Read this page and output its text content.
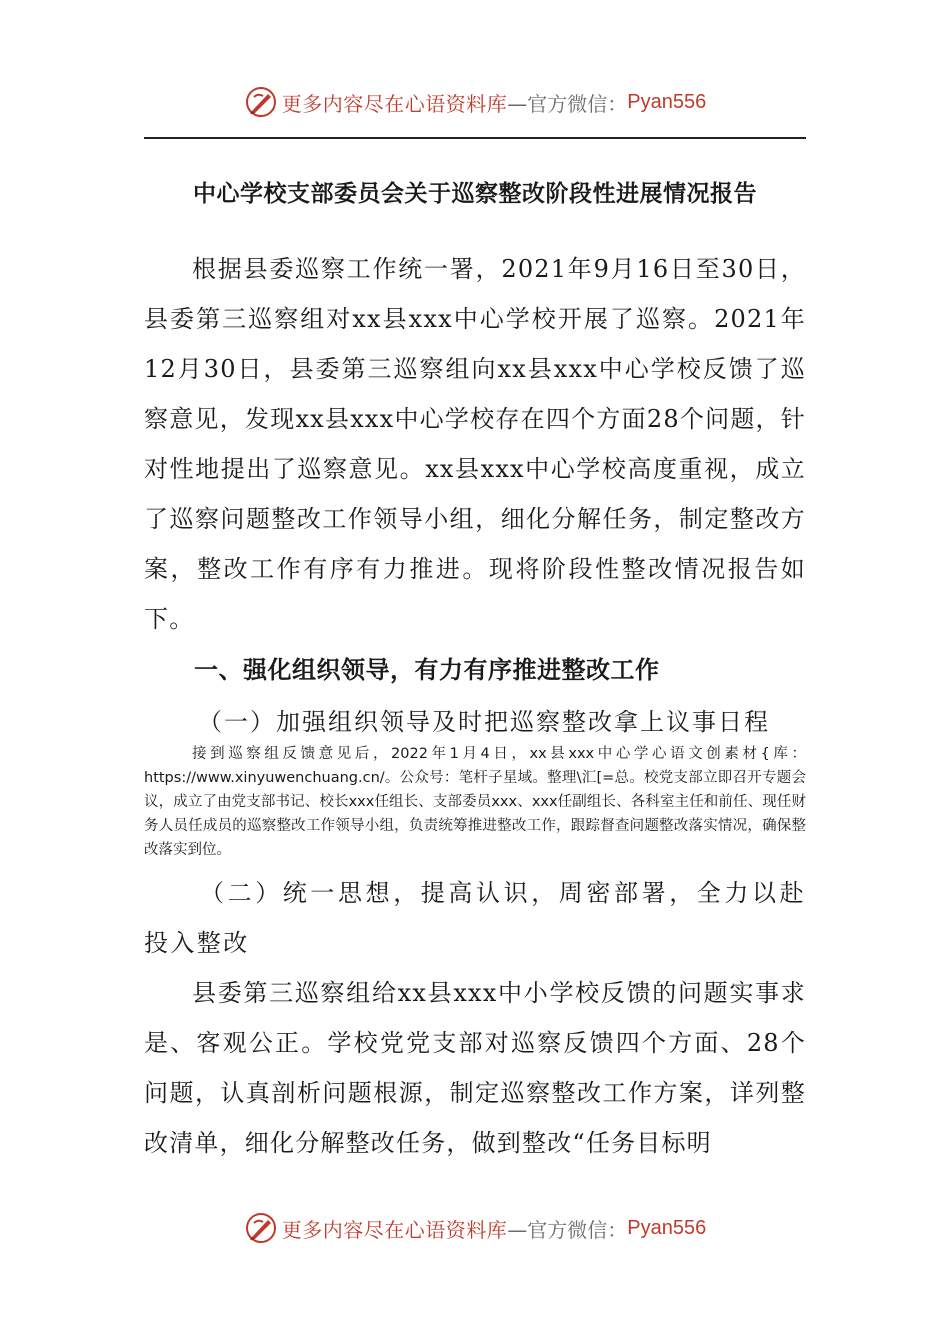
更多内容尽在心语资料库 —官方微信： Pyan556
中心学校支部委员会关于巡察整改阶段性进展情况报告

根据县委巡察工作统一署，2021年9月16日至30日，县委第三巡察组对xx县xxx中心学校开展了巡察。2021年12月30日，县委第三巡察组向xx县xxx中心学校反馈了巡察意见，发现xx县xxx中心学校存在四个方面28个问题，针对性地提出了巡察意见。xx县xxx中心学校高度重视，成立了巡察问题整改工作领导小组，细化分解任务，制定整改方案，整改工作有序有力推进。现将阶段性整改情况报告如下。

一、强化组织领导，有力有序推进整改工作

（一）加强组织领导及时把巡察整改拿上议事日程

接到巡察组反馈意见后，2022年1月4日，xx县xxx中心学心语文创素材{库：https://www.xinyuwenchuang.cn/。公众号：笔杆子星域。整理\汇[=总。校党支部立即召开专题会议，成立了由党支部书记、校长xxx任组长、支部委员xxx、xxx任副组长、各科室主任和前任、现任财务人员任成员的巡察整改工作领导小组，负责统筹推进整改工作，跟踪督查问题整改落实情况，确保整改落实到位。

（二）统一思想，提高认识，周密部署，全力以赴投入整改

县委第三巡察组给xx县xxx中小学校反馈的问题实事求是、客观公正。学校党党支部对巡察反馈四个方面、28个问题，认真剖析问题根源，制定巡察整改工作方案，详列整改清单，细化分解整改任务，做到整改“任务目标明

更多内容尽在心语资料库 —官方微信： Pyan556
